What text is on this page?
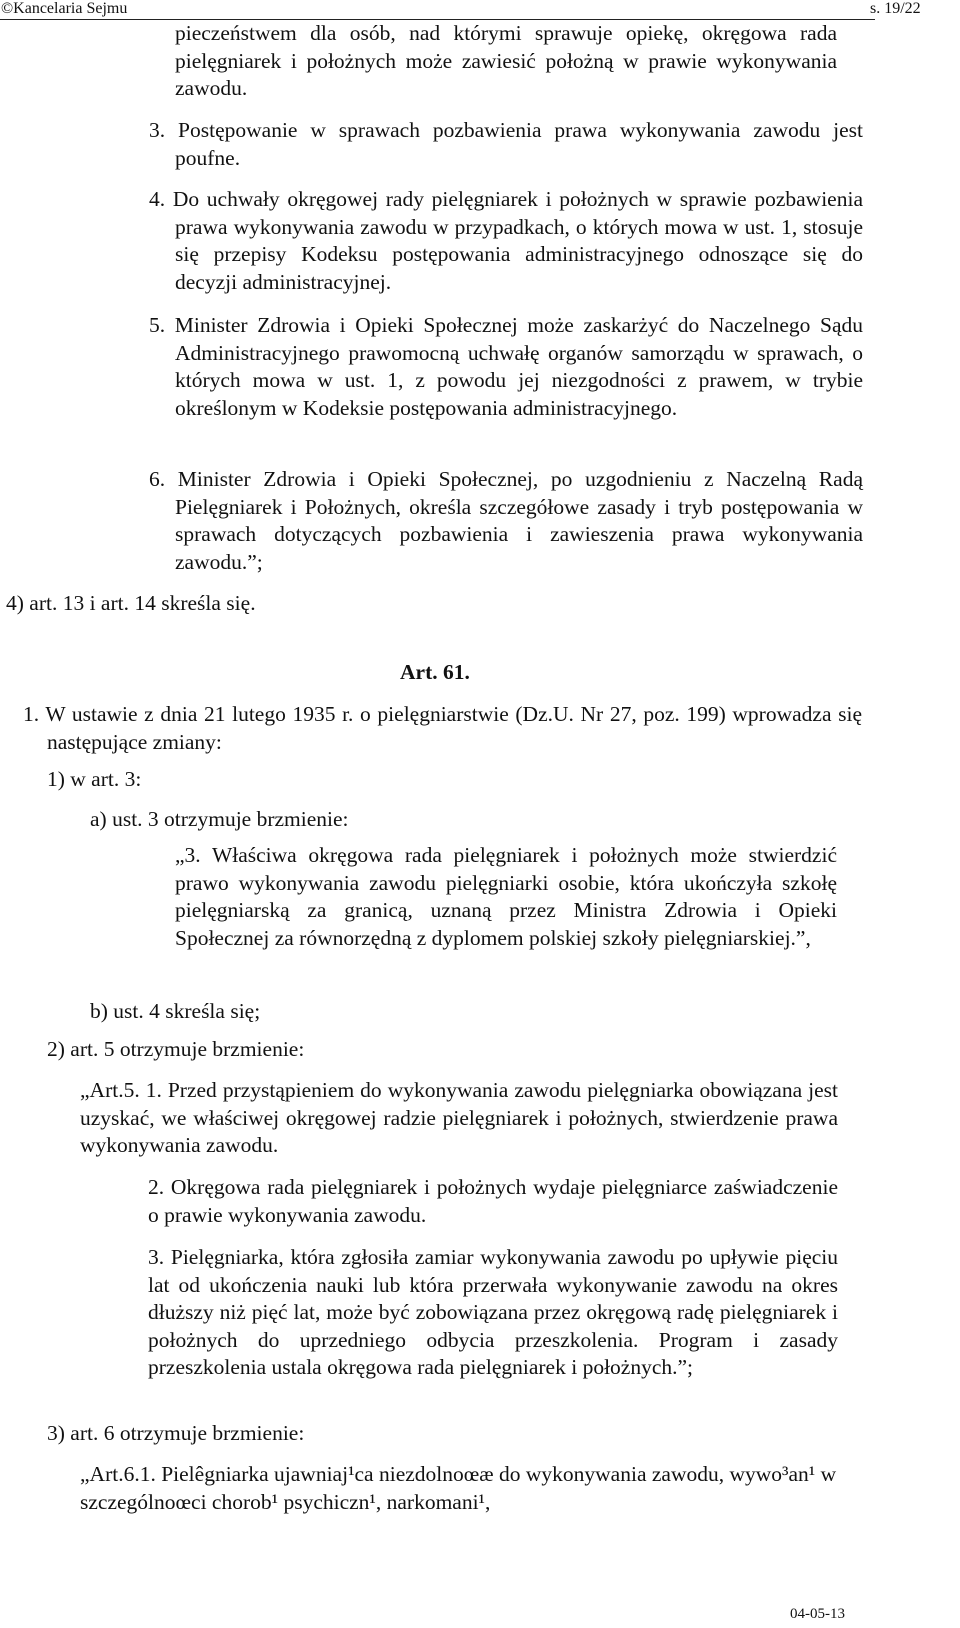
©Kancelaria Sejmu	s. 19/22

pieczeństwem dla osób, nad którymi sprawuje opiekę, okręgowa rada pielęgniarek i położnych może zawiesić położną w prawie wykonywania zawodu.

3. Postępowanie w sprawach pozbawienia prawa wykonywania zawodu jest poufne.

4. Do uchwały okręgowej rady pielęgniarek i położnych w sprawie pozbawienia prawa wykonywania zawodu w przypadkach, o których mowa w ust. 1, stosuje się przepisy Kodeksu postępowania administracyjnego odnoszące się do decyzji administracyjnej.

5. Minister Zdrowia i Opieki Społecznej może zaskarżyć do Naczelnego Sądu Administracyjnego prawomocną uchwałę organów samorządu w sprawach, o których mowa w ust. 1, z powodu jej niezgodności z prawem, w trybie określonym w Kodeksie postępowania administracyjnego.

6. Minister Zdrowia i Opieki Społecznej, po uzgodnieniu z Naczelną Radą Pielęgniarek i Położnych, określa szczegółowe zasady i tryb postępowania w sprawach dotyczących pozbawienia i zawieszenia prawa wykonywania zawodu.”;

4) art. 13 i art. 14 skreśla się.

Art. 61.

1. W ustawie z dnia 21 lutego 1935 r. o pielęgniarstwie (Dz.U. Nr 27, poz. 199) wprowadza się następujące zmiany:

1) w art. 3:

a) ust. 3 otrzymuje brzmienie:

„3. Właściwa okręgowa rada pielęgniarek i położnych może stwierdzić prawo wykonywania zawodu pielęgniarki osobie, która ukończyła szkołę pielęgniarską za granicą, uznaną przez Ministra Zdrowia i Opieki Społecznej za równorzędną z dyplomem polskiej szkoły pielęgniarskiej.”,

b) ust. 4 skreśla się;

2) art. 5 otrzymuje brzmienie:

„Art.5. 1. Przed przystąpieniem do wykonywania zawodu pielęgniarka obowiązana jest uzyskać, we właściwej okręgowej radzie pielęgniarek i położnych, stwierdzenie prawa wykonywania zawodu.

2. Okręgowa rada pielęgniarek i położnych wydaje pielęgniarce zaświadczenie o prawie wykonywania zawodu.

3. Pielęgniarka, która zgłosiła zamiar wykonywania zawodu po upływie pięciu lat od ukończenia nauki lub która przerwała wykonywanie zawodu na okres dłuższy niż pięć lat, może być zobowiązana przez okręgową radę pielęgniarek i położnych do uprzedniego odbycia przeszkolenia. Program i zasady przeszkolenia ustala okręgowa rada pielęgniarek i położnych.”;

3) art. 6 otrzymuje brzmienie:

„Art.6.1. Pielêgniarka ujawniaj¹ca niezdolnoœæ do wykonywania zawodu, wywo³an¹ w szczególnoœci chorob¹ psychiczn¹, narkomani¹,

04-05-13
